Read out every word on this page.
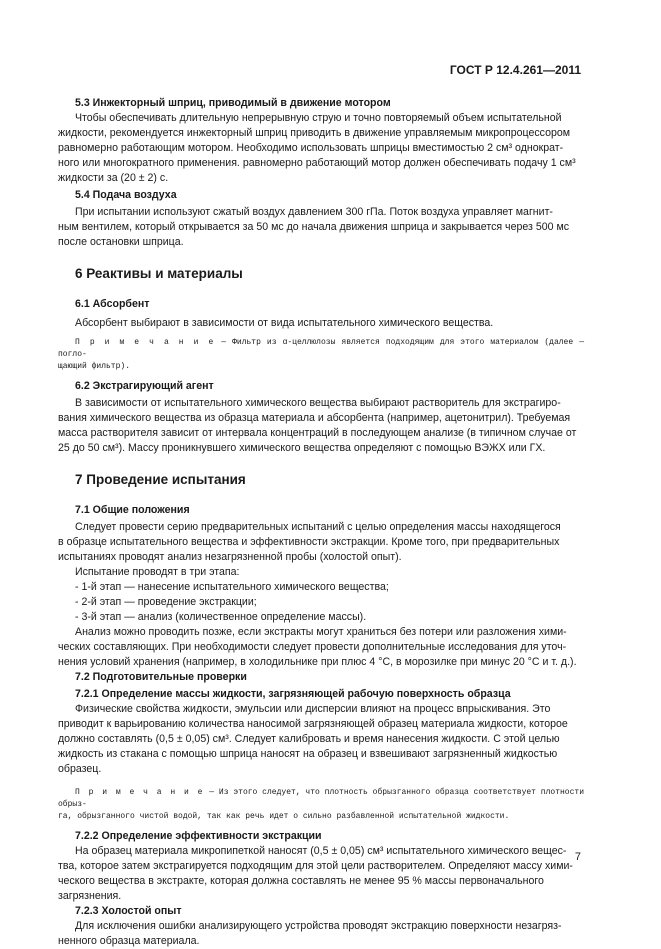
ГОСТ Р 12.4.261—2011

5.3 Инжекторный шприц, приводимый в движение мотором

Чтобы обеспечивать длительную непрерывную струю и точно повторяемый объем испытательной

жидкости, рекомендуется инжекторный шприц приводить в движение управляемым микропроцессором

равномерно работающим мотором. Необходимо использовать шприцы вместимостью 2 см³ однократ-

ного или многократного применения. равномерно работающий мотор должен обеспечивать подачу 1 см³

жидкости за (20 ± 2) с.

5.4 Подача воздуха

При испытании используют сжатый воздух давлением 300 гПа. Поток воздуха управляет магнит-

ным вентилем, который открывается за 50 мс до начала движения шприца и закрывается через 500 мс

после остановки шприца.

6 Реактивы и материалы

6.1 Абсорбент

Абсорбент выбирают в зависимости от вида испытательного химического вещества.

П р и м е ч а н и е — Фильтр из α-целлюлозы является подходящим для этого материалом (далее — погло-

щающий фильтр).

6.2 Экстрагирующий агент

В зависимости от испытательного химического вещества выбирают растворитель для экстрагиро-

вания химического вещества из образца материала и абсорбента (например, ацетонитрил). Требуемая

масса растворителя зависит от интервала концентраций в последующем анализе (в типичном случае от

25 до 50 см³). Массу проникнувшего химического вещества определяют с помощью ВЭЖХ или ГХ.

7 Проведение испытания

7.1 Общие положения

Следует провести серию предварительных испытаний с целью определения массы находящегося

в образце испытательного вещества и эффективности экстракции. Кроме того, при предварительных

испытаниях проводят анализ незагрязненной пробы (холостой опыт).

Испытание проводят в три этапа:

- 1-й этап — нанесение испытательного химического вещества;

- 2-й этап — проведение экстракции;

- 3-й этап — анализ (количественное определение массы).

Анализ можно проводить позже, если экстракты могут храниться без потери или разложения хими-

ческих составляющих. При необходимости следует провести дополнительные исследования для уточ-

нения условий хранения (например, в холодильнике при плюс 4 °С, в морозилке при минус 20 °С и т. д.).

7.2 Подготовительные проверки

7.2.1 Определение массы жидкости, загрязняющей рабочую поверхность образца

Физические свойства жидкости, эмульсии или дисперсии влияют на процесс впрыскивания. Это

приводит к варьированию количества наносимой загрязняющей образец материала жидкости, которое

должно составлять (0,5 ± 0,05) см³. Следует калибровать и время нанесения жидкости. С этой целью

жидкость из стакана с помощью шприца наносят на образец и взвешивают загрязненный жидкостью

образец.

П р и м е ч а н и е — Из этого следует, что плотность обрызганного образца соответствует плотности обрыз-

га, обрызганного чистой водой, так как речь идет о сильно разбавленной испытательной жидкости.

7.2.2 Определение эффективности экстракции

На образец материала микропипеткой наносят (0,5 ± 0,05) см³ испытательного химического вещес-

тва, которое затем экстрагируется подходящим для этой цели растворителем. Определяют массу хими-

ческого вещества в экстракте, которая должна составлять не менее 95 % массы первоначального

загрязнения.

7.2.3 Холостой опыт

Для исключения ошибки анализирующего устройства проводят экстракцию поверхности незагряз-

ненного образца материала.

7
